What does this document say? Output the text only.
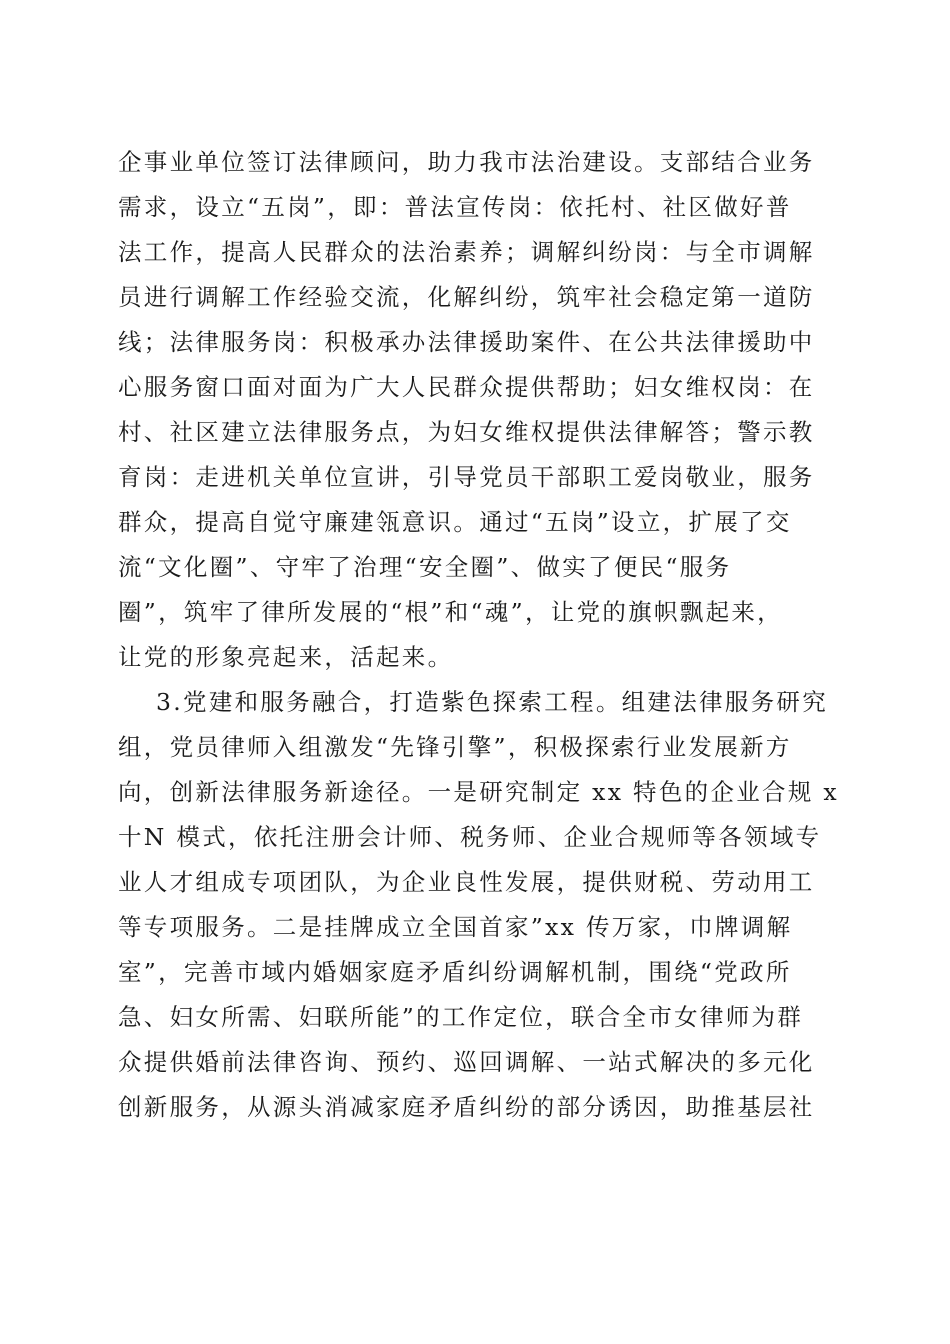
企事业单位签订法律顾问，助力我市法治建设。支部结合业务
需求，设立“五岗”，即：普法宣传岗：依托村、社区做好普
法工作，提高人民群众的法治素养；调解纠纷岗：与全市调解
员进行调解工作经验交流，化解纠纷，筑牢社会稳定第一道防
线；法律服务岗：积极承办法律援助案件、在公共法律援助中
心服务窗口面对面为广大人民群众提供帮助；妇女维权岗：在
村、社区建立法律服务点，为妇女维权提供法律解答；警示教
育岗：走进机关单位宣讲，引导党员干部职工爱岗敬业，服务
群众，提高自觉守廉建瓴意识。通过“五岗”设立，扩展了交
流“文化圈”、守牢了治理“安全圈”、做实了便民“服务
圈”，筑牢了律所发展的“根”和“魂”，让党的旗帜飘起来，
让党的形象亮起来，活起来。
3.党建和服务融合，打造紫色探索工程。组建法律服务研究
组，党员律师入组激发“先锋引擎”，积极探索行业发展新方
向，创新法律服务新途径。一是研究制定 xx 特色的企业合规 x
十N 模式，依托注册会计师、税务师、企业合规师等各领域专
业人才组成专项团队，为企业良性发展，提供财税、劳动用工
等专项服务。二是挂牌成立全国首家”xx 传万家，巾牌调解
室”，完善市域内婚姻家庭矛盾纠纷调解机制，围绕“党政所
急、妇女所需、妇联所能”的工作定位，联合全市女律师为群
众提供婚前法律咨询、预约、巡回调解、一站式解决的多元化
创新服务，从源头消减家庭矛盾纠纷的部分诱因，助推基层社
